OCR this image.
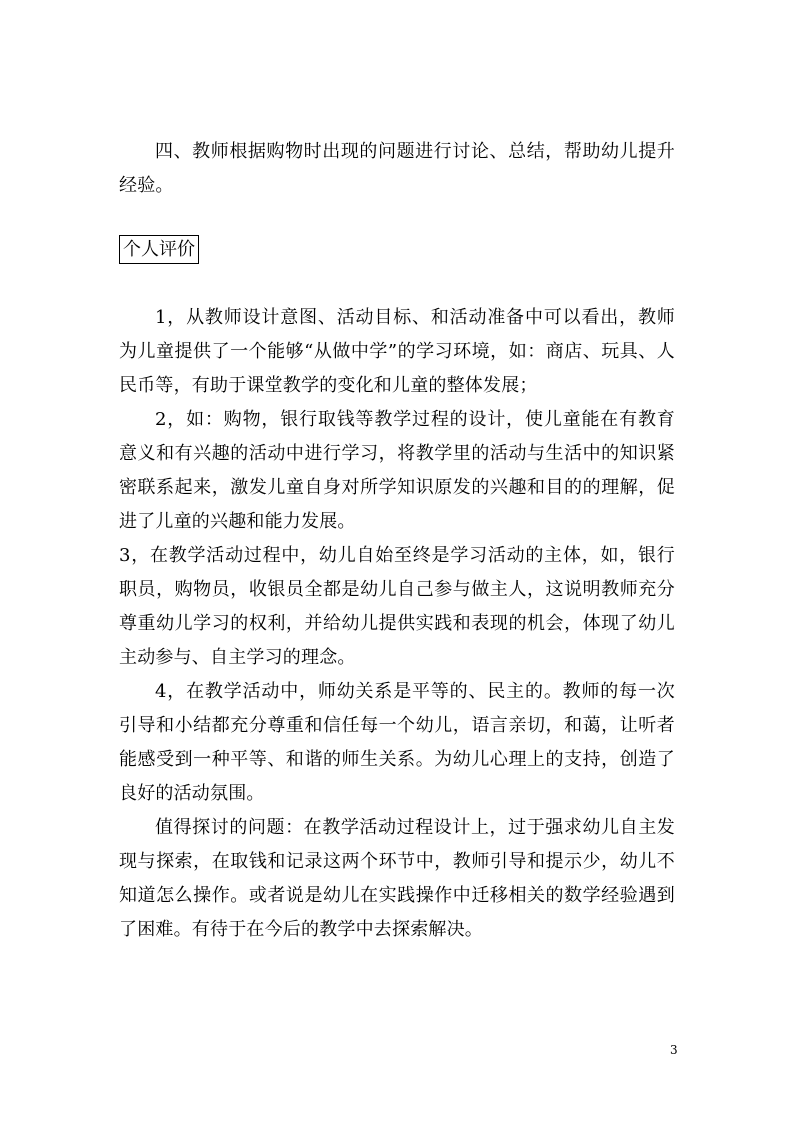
四、教师根据购物时出现的问题进行讨论、总结，帮助幼儿提升经验。

个人评价

1，从教师设计意图、活动目标、和活动准备中可以看出，教师为儿童提供了一个能够“从做中学”的学习环境，如：商店、玩具、人民币等，有助于课堂教学的变化和儿童的整体发展；

2，如：购物，银行取钱等教学过程的设计，使儿童能在有教育意义和有兴趣的活动中进行学习，将教学里的活动与生活中的知识紧密联系起来，激发儿童自身对所学知识原发的兴趣和目的的理解，促进了儿童的兴趣和能力发展。

3，在教学活动过程中，幼儿自始至终是学习活动的主体，如，银行职员，购物员，收银员全都是幼儿自己参与做主人，这说明教师充分尊重幼儿学习的权利，并给幼儿提供实践和表现的机会，体现了幼儿主动参与、自主学习的理念。

4，在教学活动中，师幼关系是平等的、民主的。教师的每一次引导和小结都充分尊重和信任每一个幼儿，语言亲切，和蔼，让听者能感受到一种平等、和谐的师生关系。为幼儿心理上的支持，创造了良好的活动氛围。

值得探讨的问题：在教学活动过程设计上，过于强求幼儿自主发现与探索，在取钱和记录这两个环节中，教师引导和提示少，幼儿不知道怎么操作。或者说是幼儿在实践操作中迁移相关的数学经验遇到了困难。有待于在今后的教学中去探索解决。

3
